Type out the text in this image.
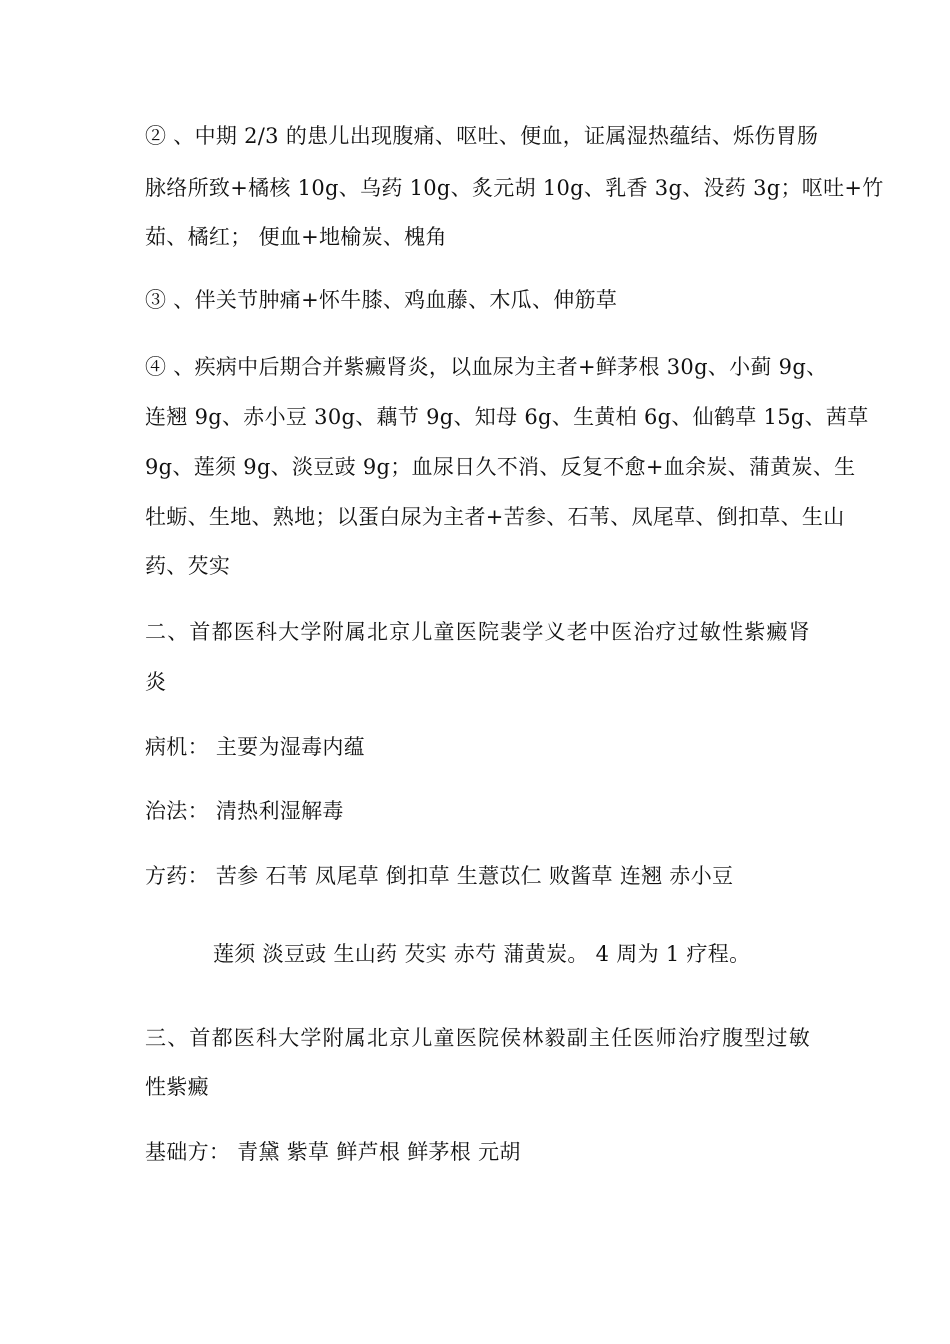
② 、中期 2/3 的患儿出现腹痛、呕吐、便血，证属湿热蕴结、烁伤胃肠
脉络所致+橘核 10g、乌药 10g、炙元胡 10g、乳香 3g、没药 3g；呕吐+竹
茹、橘红； 便血+地榆炭、槐角
③ 、伴关节肿痛+怀牛膝、鸡血藤、木瓜、伸筋草
④ 、疾病中后期合并紫癜肾炎，以血尿为主者+鲜茅根 30g、小蓟 9g、
连翘 9g、赤小豆 30g、藕节 9g、知母 6g、生黄柏 6g、仙鹤草 15g、茜草
9g、莲须 9g、淡豆豉 9g；血尿日久不消、反复不愈+血余炭、蒲黄炭、生
牡蛎、生地、熟地；以蛋白尿为主者+苦参、石苇、凤尾草、倒扣草、生山
药、芡实
二、首都医科大学附属北京儿童医院裴学义老中医治疗过敏性紫癜肾
炎
病机： 主要为湿毒内蕴
治法： 清热利湿解毒
方药： 苦参 石苇 凤尾草 倒扣草 生薏苡仁 败酱草 连翘 赤小豆
莲须 淡豆豉 生山药 芡实 赤芍 蒲黄炭。 4 周为 1 疗程。
三、首都医科大学附属北京儿童医院侯林毅副主任医师治疗腹型过敏
性紫癜
基础方： 青黛 紫草 鲜芦根 鲜茅根 元胡
